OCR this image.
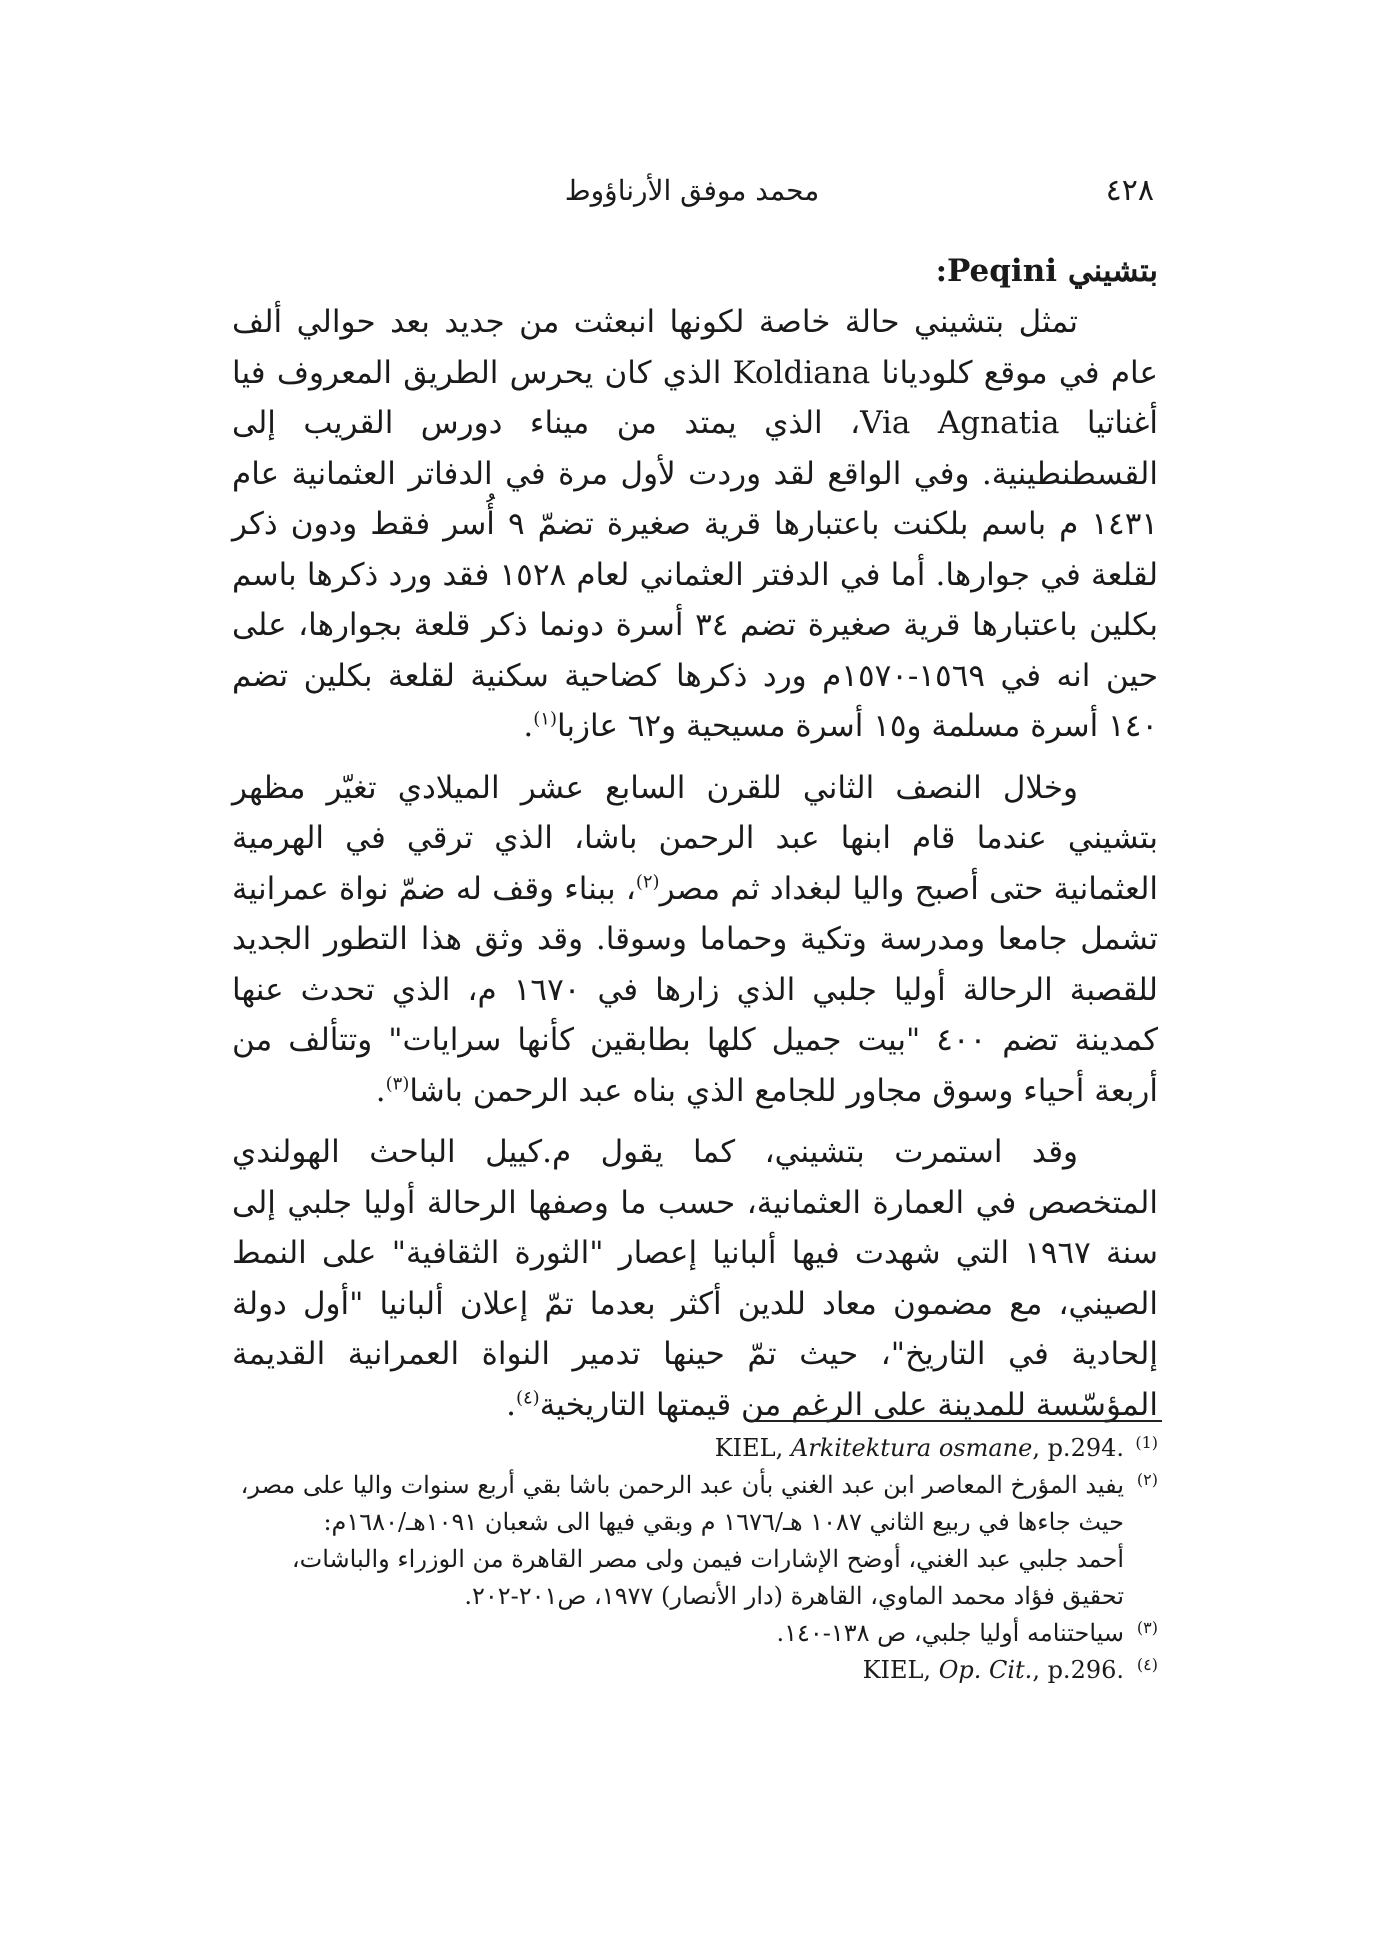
٤٢٨
محمد موفق الأرناؤوط

بتشيني Peqini:

تمثل بتشيني حالة خاصة لكونها انبعثت من جديد بعد حوالي ألف عام في موقع كلوديانا Koldiana الذي كان يحرس الطريق المعروف فيا أغناتيا Via Agnatia، الذي يمتد من ميناء دورس القريب إلى القسطنطينية. وفي الواقع لقد وردت لأول مرة في الدفاتر العثمانية عام ١٤٣١ م باسم بلكنت باعتبارها قرية صغيرة تضمّ ٩ أُسر فقط ودون ذكر لقلعة في جوارها. أما في الدفتر العثماني لعام ١٥٢٨ فقد ورد ذكرها باسم بكلين باعتبارها قرية صغيرة تضم ٣٤ أسرة دونما ذكر قلعة بجوارها، على حين انه في ١٥٦٩-١٥٧٠م ورد ذكرها كضاحية سكنية لقلعة بكلين تضم ١٤٠ أسرة مسلمة و١٥ أسرة مسيحية و٦٢ عازبا$^{(١)}$.

وخلال النصف الثاني للقرن السابع عشر الميلادي تغيّر مظهر بتشيني عندما قام ابنها عبد الرحمن باشا، الذي ترقي في الهرمية العثمانية حتى أصبح واليا لبغداد ثم مصر$^{(٢)}$، ببناء وقف له ضمّ نواة عمرانية تشمل جامعا ومدرسة وتكية وحماما وسوقا. وقد وثق هذا التطور الجديد للقصبة الرحالة أوليا جلبي الذي زارها في ١٦٧٠ م، الذي تحدث عنها كمدينة تضم ٤٠٠ "بيت جميل كلها بطابقين كأنها سرايات" وتتألف من أربعة أحياء وسوق مجاور للجامع الذي بناه عبد الرحمن باشا$^{(٣)}$.

وقد استمرت بتشيني، كما يقول م.كييل الباحث الهولندي المتخصص في العمارة العثمانية، حسب ما وصفها الرحالة أوليا جلبي إلى سنة ١٩٦٧ التي شهدت فيها ألبانيا إعصار "الثورة الثقافية" على النمط الصيني، مع مضمون معاد للدين أكثر بعدما تمّ إعلان ألبانيا "أول دولة إلحادية في التاريخ"، حيث تمّ حينها تدمير النواة العمرانية القديمة المؤسّسة للمدينة على الرغم من قيمتها التاريخية$^{(٤)}$.

(1)
KIEL, Arkitektura osmane, p.294.
(٢)
يفيد المؤرخ المعاصر ابن عبد الغني بأن عبد الرحمن باشا بقي أربع سنوات واليا على مصر،
حيث جاءها في ربيع الثاني ١٠٨٧ هـ/١٦٧٦ م وبقي فيها الى شعبان ١٠٩١هـ/١٦٨٠م:
أحمد جلبي عبد الغني، أوضح الإشارات فيمن ولى مصر القاهرة من الوزراء والباشات،
تحقيق فؤاد محمد الماوي، القاهرة (دار الأنصار) ١٩٧٧، ص٢٠١-٢٠٢.
(٣)
سياحتنامه أوليا جلبي، ص ١٣٨-١٤٠.
(٤)
KIEL, Op. Cit., p.296.
